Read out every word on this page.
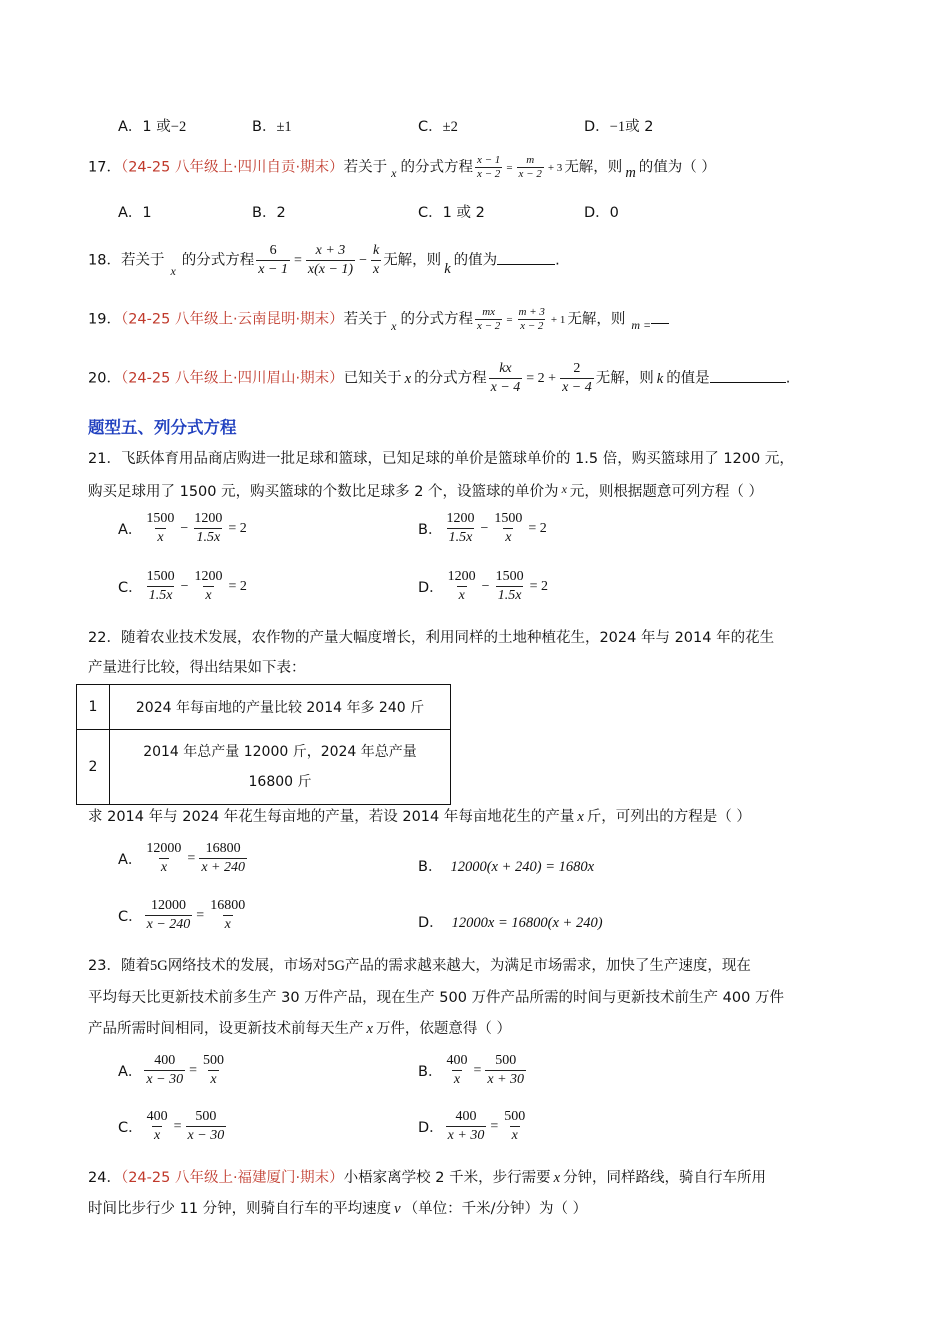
A．1 或−2	B．±1	C．±2	D．−1或 2
17．（24-25 八年级上·四川自贡·期末）若关于 $_x$ 的分式方程 $\frac{x - 1}{x - 2} = \frac{m}{x - 2} + 3$ 无解，则 m 的值为（ ）
A．1	B．2	C．1 或 2	D．0
18．若关于$_x$的分式方程 $\frac{6}{x - 1} = \frac{x + 3}{x(x - 1)} - \frac{k}{x}$ 无解，则 k 的值为	.
19．（24-25 八年级上·云南昆明·期末）若关于 $_x$ 的分式方程 $\frac{mx}{x - 2} = \frac{m + 3}{x - 2} + 1$ 无解，则 $_{m =}$
20．（24-25 八年级上·四川眉山·期末）已知关于 x 的分式方程 $\frac{kx}{x - 4} = 2 + \frac{2}{x - 4}$ 无解，则 k 的值是	.
题型五、列分式方程
21．飞跃体育用品商店购进一批足球和篮球，已知足球的单价是篮球单价的 1.5 倍，购买篮球用了 1200 元，
购买足球用了 1500 元，购买篮球的个数比足球多 2 个，设篮球的单价为 $^x$ 元，则根据题意可列方程（ ）
A． $\frac{1500}{x} - \frac{1200}{1.5x} = 2$	B． $\frac{1200}{1.5x} - \frac{1500}{x} = 2$
C． $\frac{1500}{1.5x} - \frac{1200}{x} = 2$	D． $\frac{1200}{x} - \frac{1500}{1.5x} = 2$
22．随着农业技术发展，农作物的产量大幅度增长，利用同样的土地种植花生，2024 年与 2014 年的花生
产量进行比较，得出结果如下表：
1	2024 年每亩地的产量比较 2014 年多 240 斤
2	2014 年总产量 12000 斤，2024 年总产量
16800 斤
求 2014 年与 2024 年花生每亩地的产量，若设 2014 年每亩地花生的产量 x 斤，可列出的方程是（ ）
A． $\frac{12000}{x} = \frac{16800}{x + 240}$	B． 12000(x + 240) = 1680x
C． $\frac{12000}{x - 240} = \frac{16800}{x}$	D． 12000x = 16800(x + 240)
23．随着5G网络技术的发展，市场对5G产品的需求越来越大，为满足市场需求，加快了生产速度，现在
平均每天比更新技术前多生产 30 万件产品，现在生产 500 万件产品所需的时间与更新技术前生产 400 万件
产品所需时间相同，设更新技术前每天生产 x 万件，依题意得（ ）
A． $\frac{400}{x - 30} = \frac{500}{x}$	B． $\frac{400}{x} = \frac{500}{x + 30}$
C． $\frac{400}{x} = \frac{500}{x - 30}$	D． $\frac{400}{x + 30} = \frac{500}{x}$
24．（24-25 八年级上·福建厦门·期末）小梧家离学校 2 千米，步行需要 x 分钟，同样路线，骑自行车所用
时间比步行少 11 分钟，则骑自行车的平均速度 v （单位：千米/分钟）为（ ）
